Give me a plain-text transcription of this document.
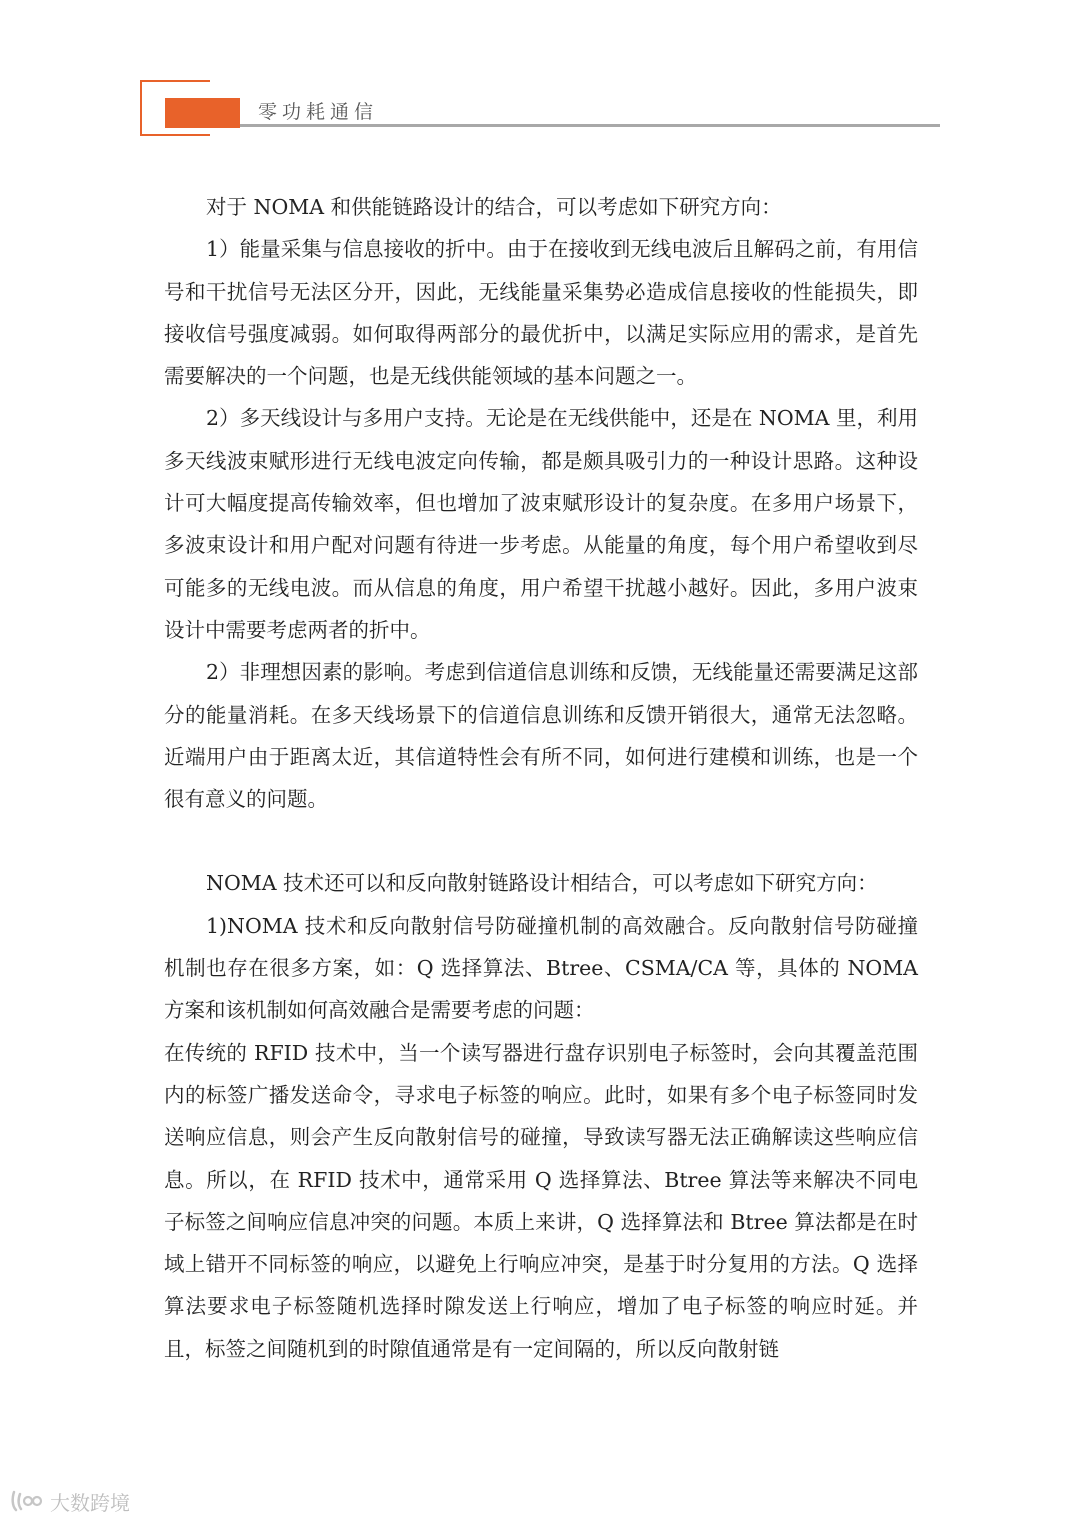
零功耗通信

对于 NOMA 和供能链路设计的结合，可以考虑如下研究方向：

1）能量采集与信息接收的折中。由于在接收到无线电波后且解码之前，有用信号和干扰信号无法区分开，因此，无线能量采集势必造成信息接收的性能损失，即接收信号强度减弱。如何取得两部分的最优折中，以满足实际应用的需求，是首先需要解决的一个问题，也是无线供能领域的基本问题之一。

2）多天线设计与多用户支持。无论是在无线供能中，还是在 NOMA 里，利用多天线波束赋形进行无线电波定向传输，都是颇具吸引力的一种设计思路。这种设计可大幅度提高传输效率，但也增加了波束赋形设计的复杂度。在多用户场景下，多波束设计和用户配对问题有待进一步考虑。从能量的角度，每个用户希望收到尽可能多的无线电波。而从信息的角度，用户希望干扰越小越好。因此，多用户波束设计中需要考虑两者的折中。

2）非理想因素的影响。考虑到信道信息训练和反馈，无线能量还需要满足这部分的能量消耗。在多天线场景下的信道信息训练和反馈开销很大，通常无法忽略。近端用户由于距离太近，其信道特性会有所不同，如何进行建模和训练，也是一个很有意义的问题。

NOMA 技术还可以和反向散射链路设计相结合，可以考虑如下研究方向：

1)NOMA 技术和反向散射信号防碰撞机制的高效融合。反向散射信号防碰撞机制也存在很多方案，如：Q 选择算法、Btree、CSMA/CA 等，具体的 NOMA 方案和该机制如何高效融合是需要考虑的问题：

在传统的 RFID 技术中，当一个读写器进行盘存识别电子标签时，会向其覆盖范围内的标签广播发送命令，寻求电子标签的响应。此时，如果有多个电子标签同时发送响应信息，则会产生反向散射信号的碰撞，导致读写器无法正确解读这些响应信息。所以，在 RFID 技术中，通常采用 Q 选择算法、Btree 算法等来解决不同电子标签之间响应信息冲突的问题。本质上来讲，Q 选择算法和 Btree 算法都是在时域上错开不同标签的响应，以避免上行响应冲突，是基于时分复用的方法。Q 选择算法要求电子标签随机选择时隙发送上行响应，增加了电子标签的响应时延。并且，标签之间随机到的时隙值通常是有一定间隔的，所以反向散射链

大数跨境
